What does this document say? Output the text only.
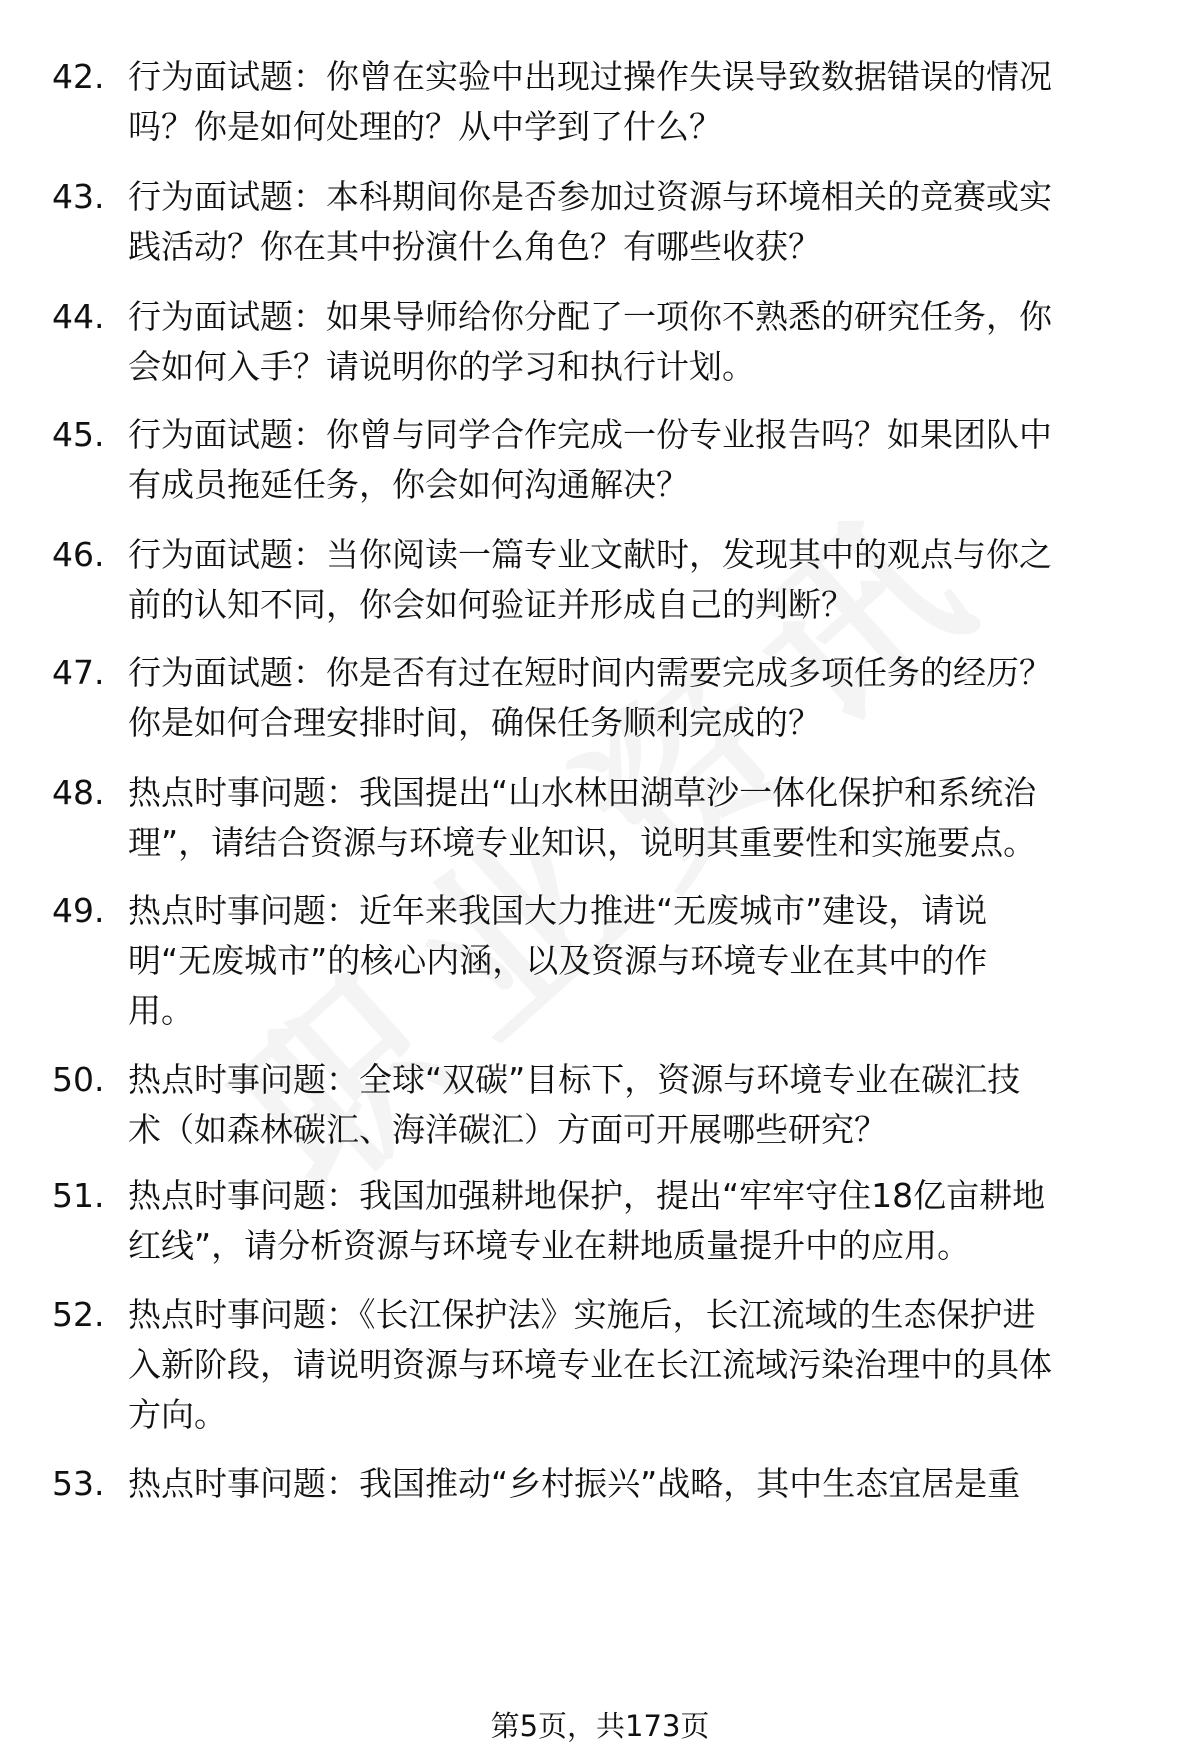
42. 行为面试题：你曾在实验中出现过操作失误导致数据错误的情况
吗？你是如何处理的？从中学到了什么？
43. 行为面试题：本科期间你是否参加过资源与环境相关的竞赛或实
践活动？你在其中扮演什么角色？有哪些收获？
44. 行为面试题：如果导师给你分配了一项你不熟悉的研究任务，你
会如何入手？请说明你的学习和执行计划。
45. 行为面试题：你曾与同学合作完成一份专业报告吗？如果团队中
有成员拖延任务，你会如何沟通解决？
46. 行为面试题：当你阅读一篇专业文献时，发现其中的观点与你之
前的认知不同，你会如何验证并形成自己的判断？
47. 行为面试题：你是否有过在短时间内需要完成多项任务的经历？
你是如何合理安排时间，确保任务顺利完成的？
48. 热点时事问题：我国提出“山水林田湖草沙一体化保护和系统治
理”，请结合资源与环境专业知识，说明其重要性和实施要点。
49. 热点时事问题：近年来我国大力推进“无废城市”建设，请说
明“无废城市”的核心内涵，以及资源与环境专业在其中的作
用。
50. 热点时事问题：全球“双碳”目标下，资源与环境专业在碳汇技
术（如森林碳汇、海洋碳汇）方面可开展哪些研究？
51. 热点时事问题：我国加强耕地保护，提出“牢牢守住18亿亩耕地
红线”，请分析资源与环境专业在耕地质量提升中的应用。
52. 热点时事问题：《长江保护法》实施后，长江流域的生态保护进
入新阶段，请说明资源与环境专业在长江流域污染治理中的具体
方向。
53. 热点时事问题：我国推动“乡村振兴”战略，其中生态宜居是重
第5页，共173页
